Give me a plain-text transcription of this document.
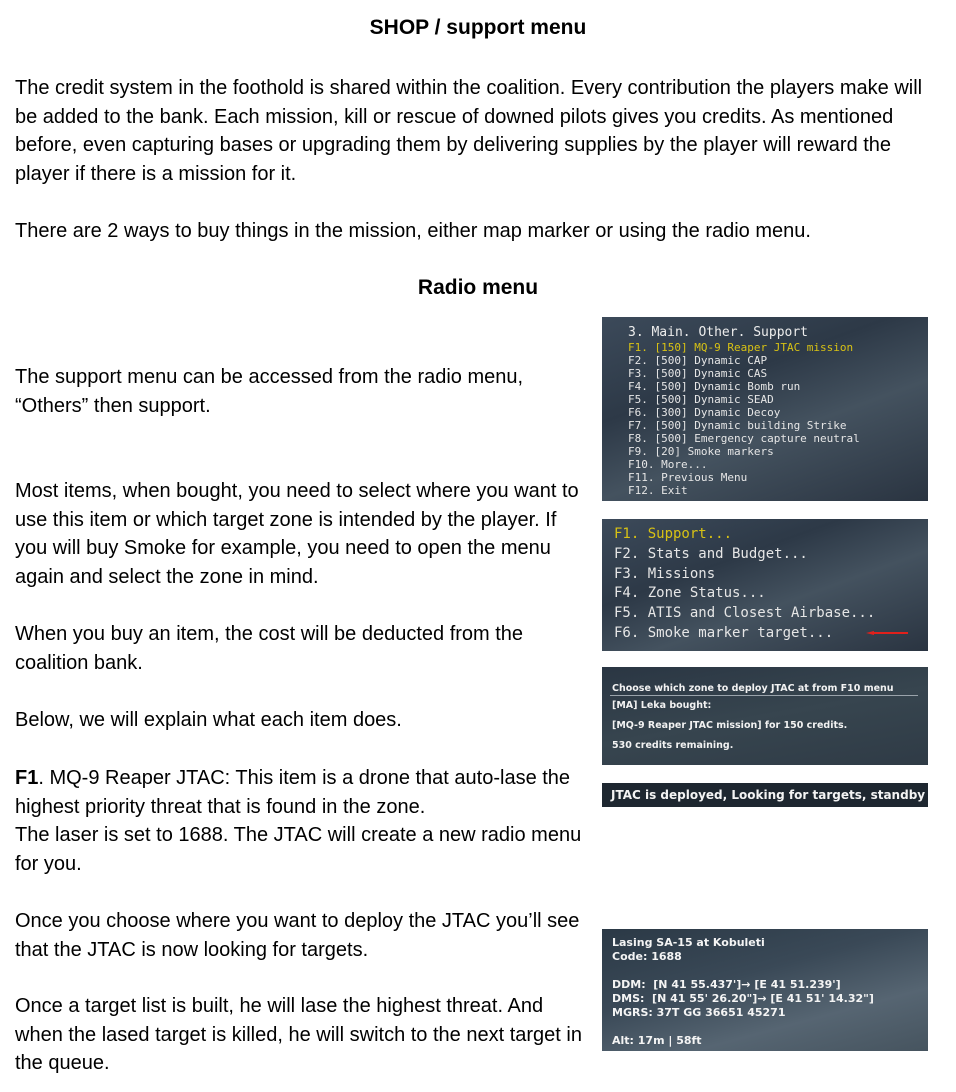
SHOP / support menu
The credit system in the foothold is shared within the coalition. Every contribution the players make will be added to the bank. Each mission, kill or rescue of downed pilots gives you credits. As mentioned before, even capturing bases or upgrading them by delivering supplies by the player will reward the player if there is a mission for it.
There are 2 ways to buy things in the mission, either map marker or using the radio menu.
Radio menu
The support menu can be accessed from the radio menu, “Others” then support.
Most items, when bought, you need to select where you want to use this item or which target zone is intended by the player. If you will buy Smoke for example, you need to open the menu again and select the zone in mind.
When you buy an item, the cost will be deducted from the coalition bank.
Below, we will explain what each item does.
F1. MQ-9 Reaper JTAC: This item is a drone that auto-lase the highest priority threat that is found in the zone.
The laser is set to 1688. The JTAC will create a new radio menu for you.
Once you choose where you want to deploy the JTAC you’ll see that the JTAC is now looking for targets.
Once a target list is built, he will lase the highest threat. And when the lased target is killed, he will switch to the next target in the queue.
3. Main. Other. Support
F1. [150] MQ-9 Reaper JTAC mission
F2. [500] Dynamic CAP
F3. [500] Dynamic CAS
F4. [500] Dynamic Bomb run
F5. [500] Dynamic SEAD
F6. [300] Dynamic Decoy
F7. [500] Dynamic building Strike
F8. [500] Emergency capture neutral
F9. [20] Smoke markers
F10. More...
F11. Previous Menu
F12. Exit
F1. Support...
F2. Stats and Budget...
F3. Missions
F4. Zone Status...
F5. ATIS and Closest Airbase...
F6. Smoke marker target...
Choose which zone to deploy JTAC at from F10 menu
[MA] Leka bought:
[MQ-9 Reaper JTAC mission] for 150 credits.
530 credits remaining.
JTAC is deployed, Looking for targets, standby
Lasing SA-15 at Kobuleti
Code: 1688

DDM:  [N 41 55.437']→ [E 41 51.239']
DMS:  [N 41 55' 26.20"]→ [E 41 51' 14.32"]
MGRS: 37T GG 36651 45271

Alt: 17m | 58ft
